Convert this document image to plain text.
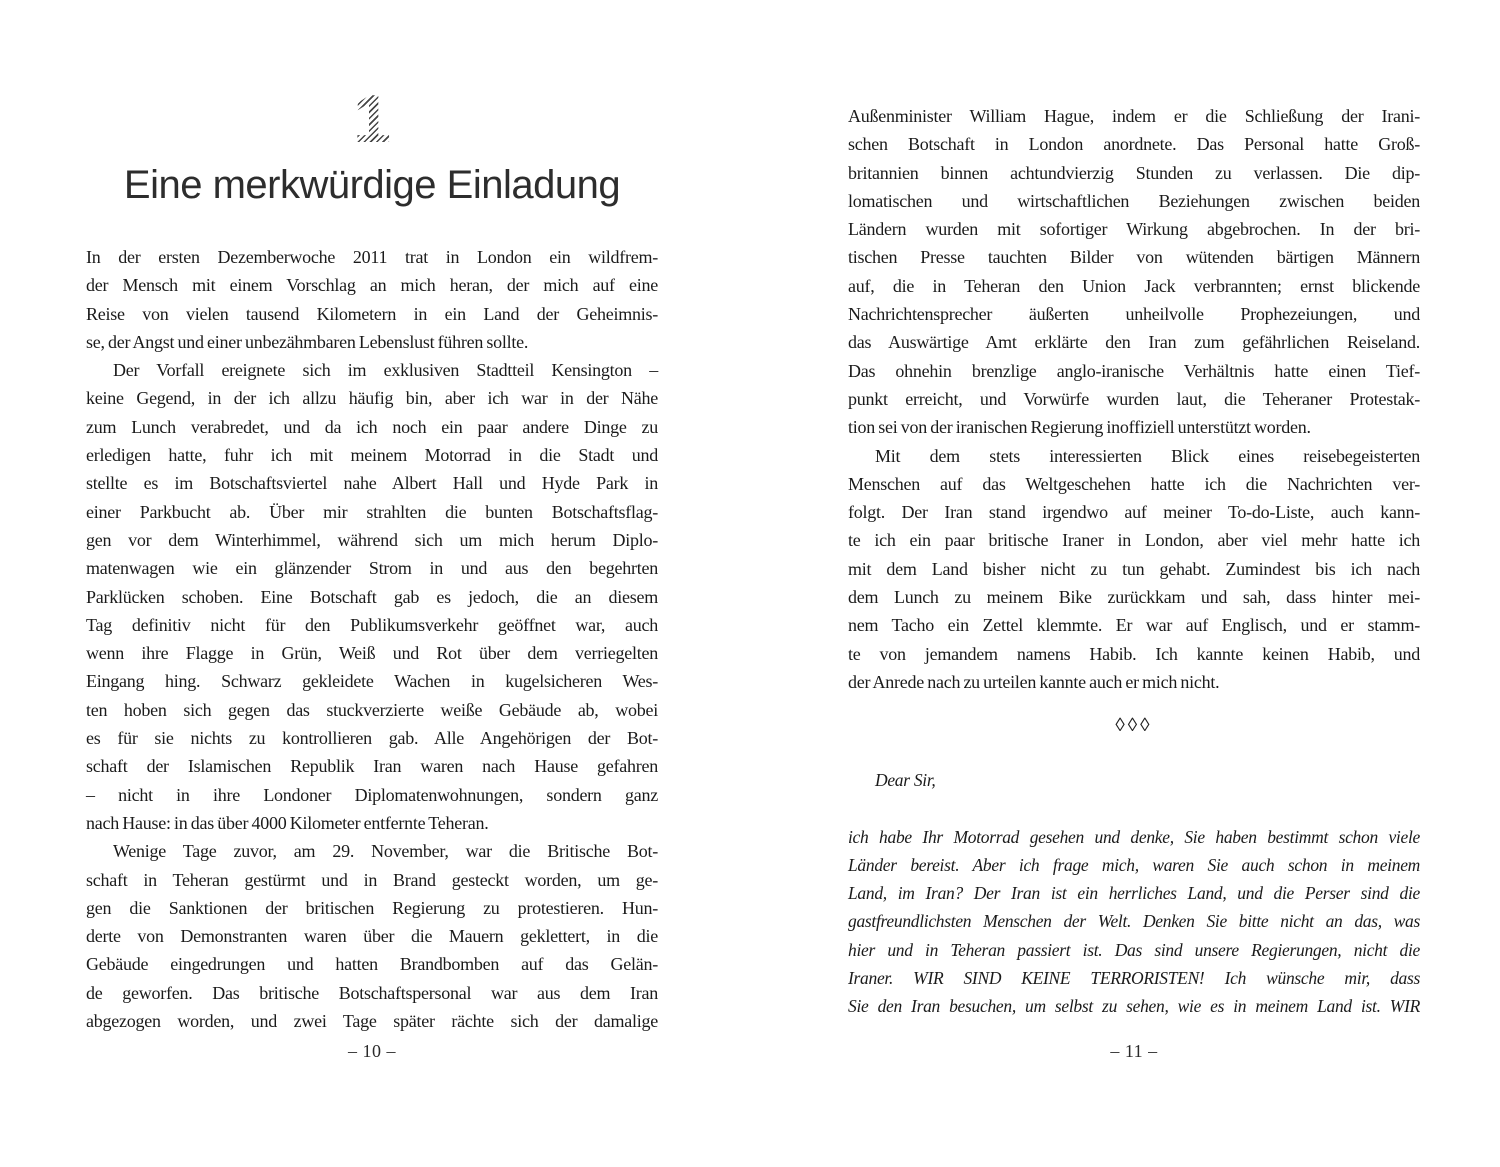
1
Eine merkwürdige Einladung
In der ersten Dezemberwoche 2011 trat in London ein wildfrem-
der Mensch mit einem Vorschlag an mich heran, der mich auf eine
Reise von vielen tausend Kilometern in ein Land der Geheimnis-
se, der Angst und einer unbezähmbaren Lebenslust führen sollte.
Der Vorfall ereignete sich im exklusiven Stadtteil Kensington –
keine Gegend, in der ich allzu häufig bin, aber ich war in der Nähe
zum Lunch verabredet, und da ich noch ein paar andere Dinge zu
erledigen hatte, fuhr ich mit meinem Motorrad in die Stadt und
stellte es im Botschaftsviertel nahe Albert Hall und Hyde Park in
einer Parkbucht ab. Über mir strahlten die bunten Botschaftsflag-
gen vor dem Winterhimmel, während sich um mich herum Diplo-
matenwagen wie ein glänzender Strom in und aus den begehrten
Parklücken schoben. Eine Botschaft gab es jedoch, die an diesem
Tag definitiv nicht für den Publikumsverkehr geöffnet war, auch
wenn ihre Flagge in Grün, Weiß und Rot über dem verriegelten
Eingang hing. Schwarz gekleidete Wachen in kugelsicheren Wes-
ten hoben sich gegen das stuckverzierte weiße Gebäude ab, wobei
es für sie nichts zu kontrollieren gab. Alle Angehörigen der Bot-
schaft der Islamischen Republik Iran waren nach Hause gefahren
– nicht in ihre Londoner Diplomatenwohnungen, sondern ganz
nach Hause: in das über 4000 Kilometer entfernte Teheran.
Wenige Tage zuvor, am 29. November, war die Britische Bot-
schaft in Teheran gestürmt und in Brand gesteckt worden, um ge-
gen die Sanktionen der britischen Regierung zu protestieren. Hun-
derte von Demonstranten waren über die Mauern geklettert, in die
Gebäude eingedrungen und hatten Brandbomben auf das Gelän-
de geworfen. Das britische Botschaftspersonal war aus dem Iran
abgezogen worden, und zwei Tage später rächte sich der damalige
– 10 –
Außenminister William Hague, indem er die Schließung der Irani-
schen Botschaft in London anordnete. Das Personal hatte Groß-
britannien binnen achtundvierzig Stunden zu verlassen. Die dip-
lomatischen und wirtschaftlichen Beziehungen zwischen beiden
Ländern wurden mit sofortiger Wirkung abgebrochen. In der bri-
tischen Presse tauchten Bilder von wütenden bärtigen Männern
auf, die in Teheran den Union Jack verbrannten; ernst blickende
Nachrichtensprecher äußerten unheilvolle Prophezeiungen, und
das Auswärtige Amt erklärte den Iran zum gefährlichen Reiseland.
Das ohnehin brenzlige anglo-iranische Verhältnis hatte einen Tief-
punkt erreicht, und Vorwürfe wurden laut, die Teheraner Protestak-
tion sei von der iranischen Regierung inoffiziell unterstützt worden.
Mit dem stets interessierten Blick eines reisebegeisterten
Menschen auf das Weltgeschehen hatte ich die Nachrichten ver-
folgt. Der Iran stand irgendwo auf meiner To-do-Liste, auch kann-
te ich ein paar britische Iraner in London, aber viel mehr hatte ich
mit dem Land bisher nicht zu tun gehabt. Zumindest bis ich nach
dem Lunch zu meinem Bike zurückkam und sah, dass hinter mei-
nem Tacho ein Zettel klemmte. Er war auf Englisch, und er stamm-
te von jemandem namens Habib. Ich kannte keinen Habib, und
der Anrede nach zu urteilen kannte auch er mich nicht.
◊◊◊
Dear Sir,
ich habe Ihr Motorrad gesehen und denke, Sie haben bestimmt schon viele
Länder bereist. Aber ich frage mich, waren Sie auch schon in meinem
Land, im Iran? Der Iran ist ein herrliches Land, und die Perser sind die
gastfreundlichsten Menschen der Welt. Denken Sie bitte nicht an das, was
hier und in Teheran passiert ist. Das sind unsere Regierungen, nicht die
Iraner. WIR SIND KEINE TERRORISTEN! Ich wünsche mir, dass
Sie den Iran besuchen, um selbst zu sehen, wie es in meinem Land ist. WIR
– 11 –
